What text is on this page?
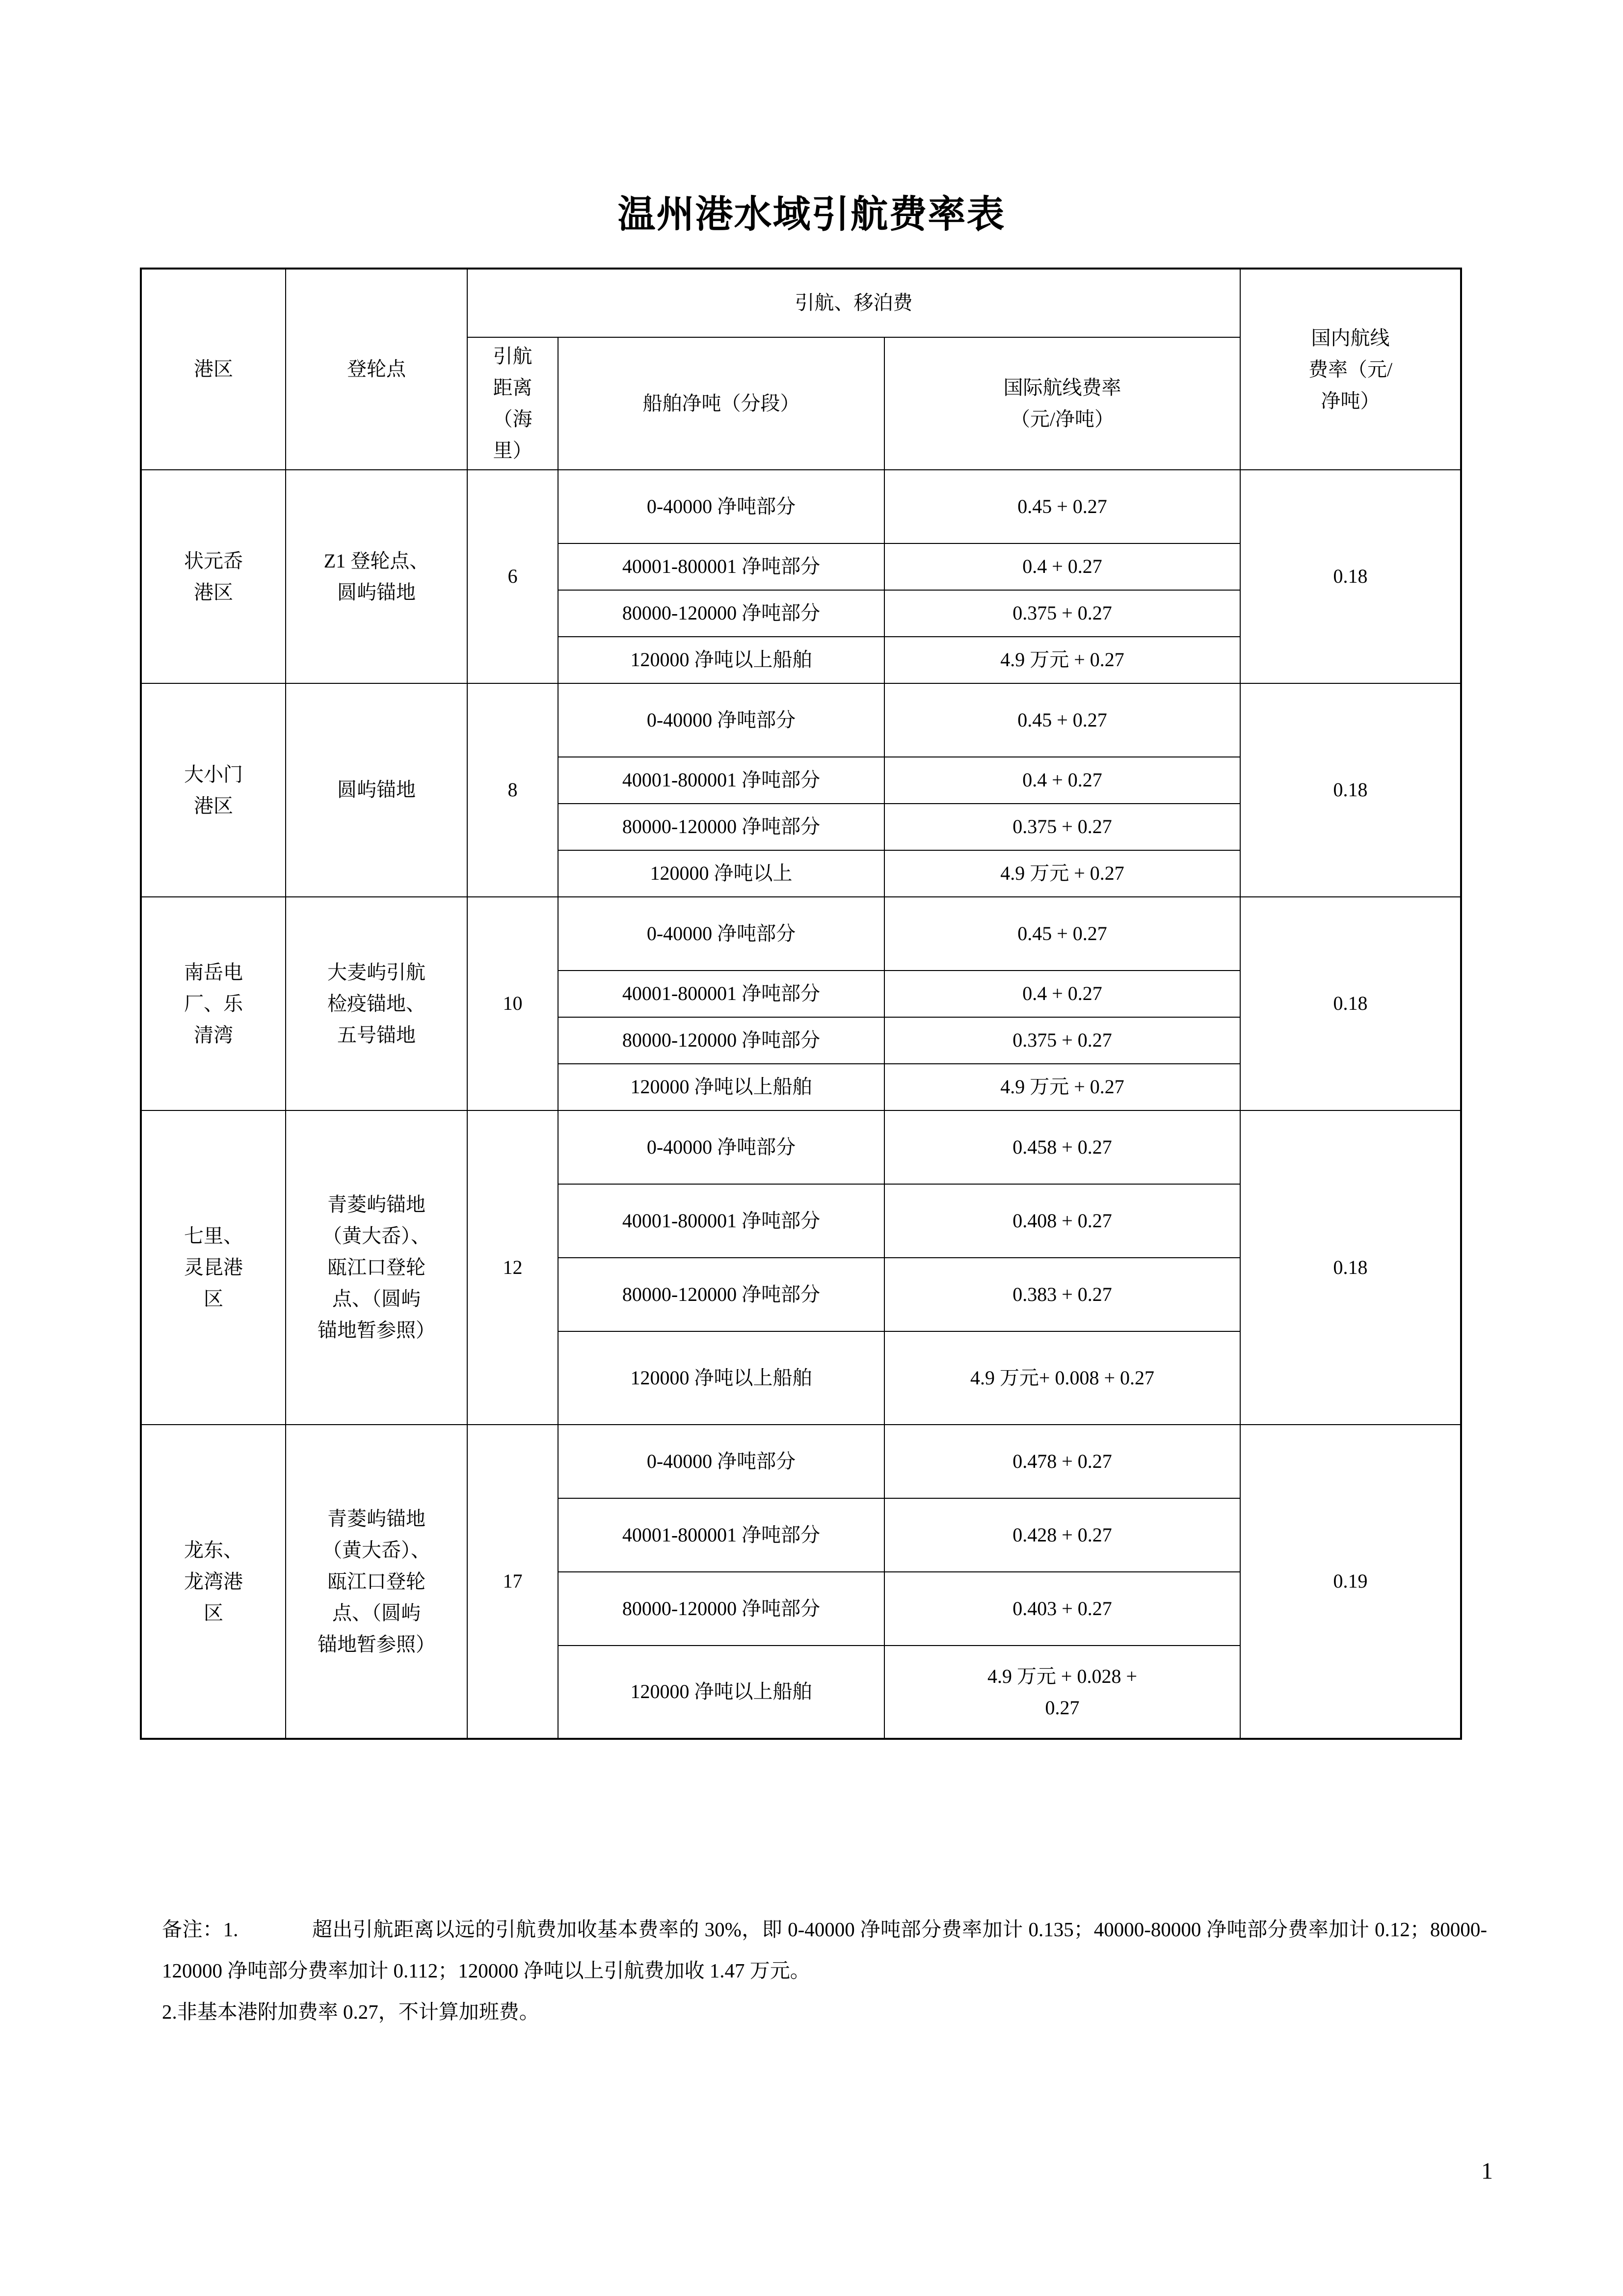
温州港水域引航费率表
港区	登轮点	引航、移泊费			国内航线
费率（元/
净吨）

		引航
距离
（海
里）	船舶净吨（分段）	国际航线费率
（元/净吨）	

状元岙
港区	Z1 登轮点、
圆屿锚地	6	0-40000 净吨部分	0.45 + 0.27	0.18
			40001-800001 净吨部分	0.4 + 0.27	
			80000-120000 净吨部分	0.375 + 0.27	
			120000 净吨以上船舶	4.9 万元 + 0.27	

大小门
港区	圆屿锚地	8	0-40000 净吨部分	0.45 + 0.27	0.18
			40001-800001 净吨部分	0.4 + 0.27	
			80000-120000 净吨部分	0.375 + 0.27	
			120000 净吨以上	4.9 万元 + 0.27	

南岳电
厂、乐
清湾	大麦屿引航
检疫锚地、
五号锚地	10	0-40000 净吨部分	0.45 + 0.27	0.18
			40001-800001 净吨部分	0.4 + 0.27	
			80000-120000 净吨部分	0.375 + 0.27	
			120000 净吨以上船舶	4.9 万元 + 0.27	

七里、
灵昆港
区	青菱屿锚地
（黄大岙）、
瓯江口登轮
点、（圆屿
锚地暂参照）	12	0-40000 净吨部分	0.458 + 0.27	0.18
			40001-800001 净吨部分	0.408 + 0.27	
			80000-120000 净吨部分	0.383 + 0.27	
			120000 净吨以上船舶	4.9 万元+ 0.008 + 0.27	

龙东、
龙湾港
区	青菱屿锚地
（黄大岙）、
瓯江口登轮
点、（圆屿
锚地暂参照）	17	0-40000 净吨部分	0.478 + 0.27	0.19
			40001-800001 净吨部分	0.428 + 0.27	
			80000-120000 净吨部分	0.403 + 0.27	
			120000 净吨以上船舶	4.9 万元 + 0.028 +
0.27	

备注：1.	超出引航距离以远的引航费加收基本费率的 30%，即 0-40000 净吨部分费率加计 0.135；40000-80000 净吨部分费率加计 0.12；80000-120000 净吨部分费率加计 0.112；120000 净吨以上引航费加收 1.47 万元。

2.非基本港附加费率 0.27，不计算加班费。

1
